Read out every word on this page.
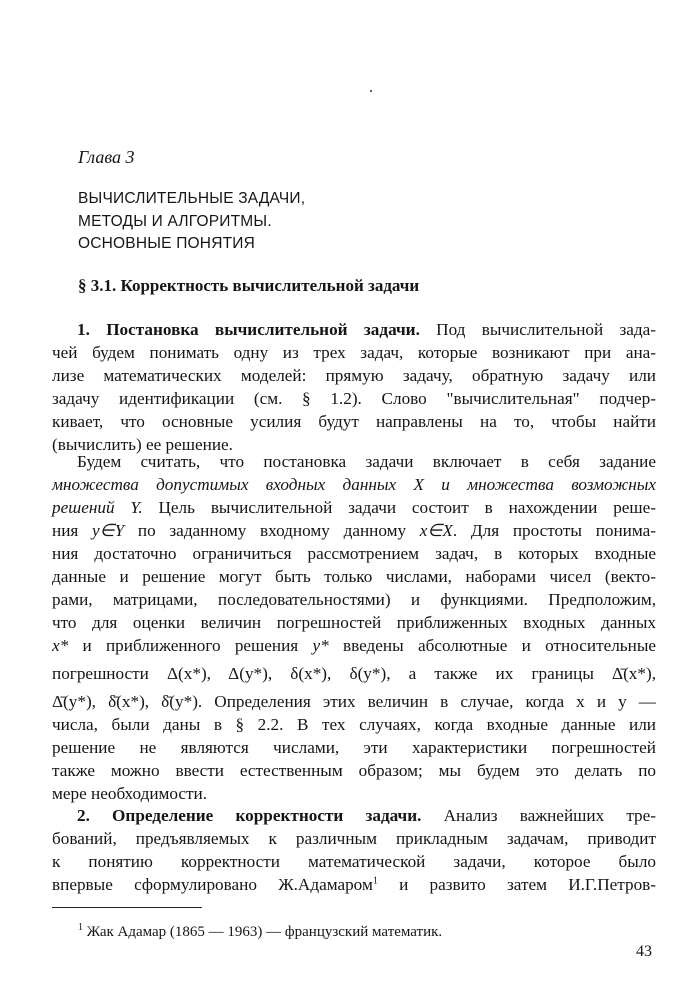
Глава 3
ВЫЧИСЛИТЕЛЬНЫЕ ЗАДАЧИ,
МЕТОДЫ И АЛГОРИТМЫ.
ОСНОВНЫЕ ПОНЯТИЯ
§ 3.1. Корректность вычислительной задачи
1. Постановка вычислительной задачи. Под вычислительной зада-
чей будем понимать одну из трех задач, которые возникают при ана-
лизе математических моделей: прямую задачу, обратную задачу или
задачу идентификации (см. § 1.2). Слово "вычислительная" подчер-
кивает, что основные усилия будут направлены на то, чтобы найти
(вычислить) ее решение.
Будем считать, что постановка задачи включает в себя задание
множества допустимых входных данных X и множества возможных
решений Y. Цель вычислительной задачи состоит в нахождении реше-
ния y∈Y по заданному входному данному x∈X. Для простоты понима-
ния достаточно ограничиться рассмотрением задач, в которых входные
данные и решение могут быть только числами, наборами чисел (векто-
рами, матрицами, последовательностями) и функциями. Предположим,
что для оценки величин погрешностей приближенных входных данных
x* и приближенного решения y* введены абсолютные и относительные
погрешности Δ(x*), Δ(y*), δ(x*), δ(y*), а также их границы Δ̄(x*),
Δ̄(y*), δ̄(x*), δ̄(y*). Определения этих величин в случае, когда x и y —
числа, были даны в § 2.2. В тех случаях, когда входные данные или
решение не являются числами, эти характеристики погрешностей
также можно ввести естественным образом; мы будем это делать по
мере необходимости.
2. Определение корректности задачи. Анализ важнейших тре-
бований, предъявляемых к различным прикладным задачам, приводит
к понятию корректности математической задачи, которое было
впервые сформулировано Ж.Адамаром$^1$ и развито затем И.Г.Петров-
$^1$ Жак Адамар (1865 — 1963) — французский математик.
43
